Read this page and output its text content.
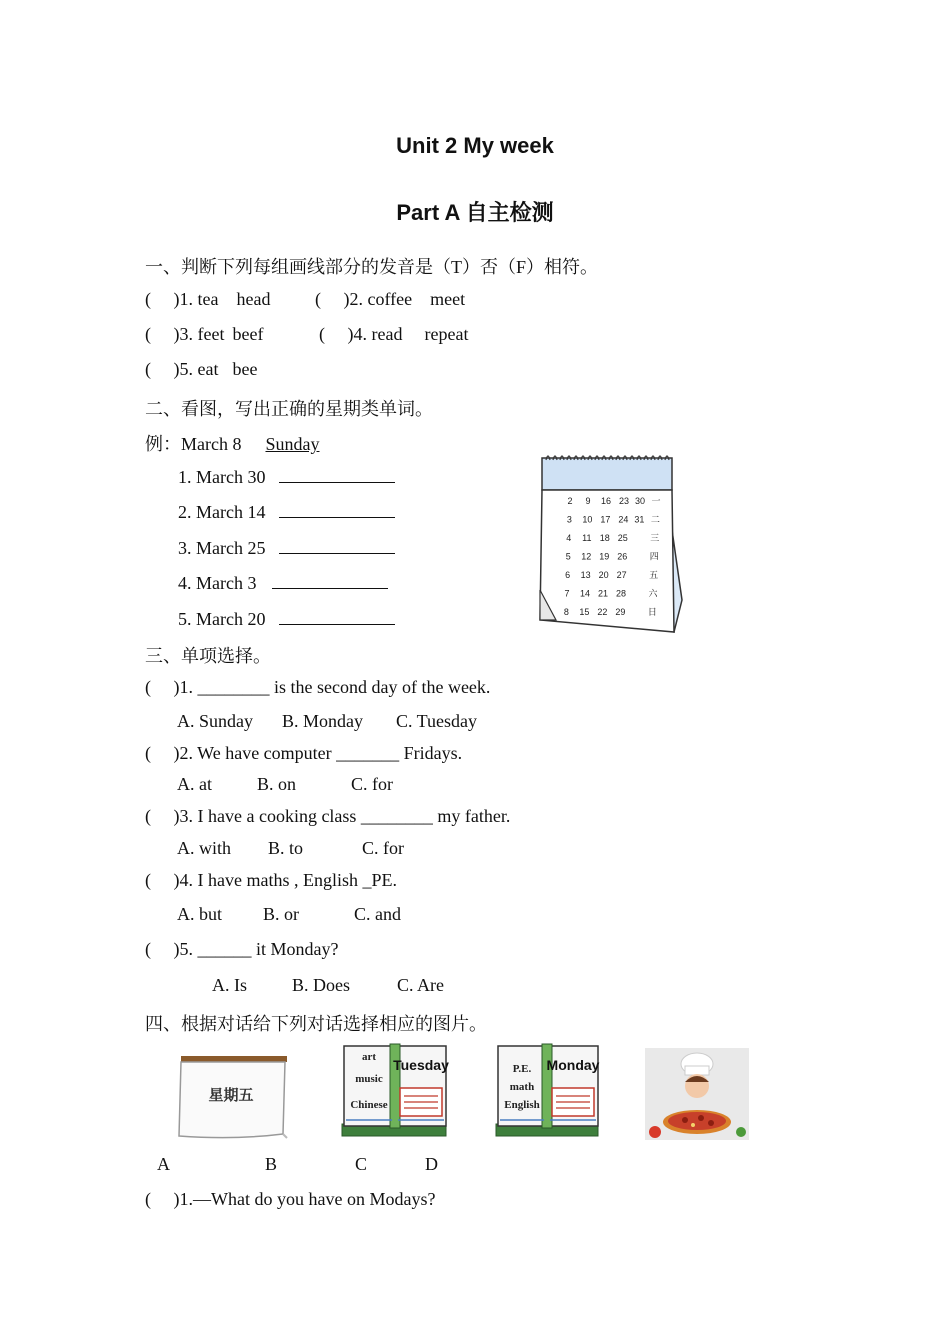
Unit 2 My week
Part A 自主检测
一、判断下列每组画线部分的发音是（T）否（F）相符。
(     )1. tea head (     )2. coffee meet
(     )3. feet beef	(     )4. read repeat
(     )5. eat bee
二、看图，写出正确的星期类单词。
例：March 8 Sunday
1. March 30
2. March 14
3. March 25
4. March 3
5. March 20
2 9 16 23 30 一
3 10 17 24 31 二
4 11 18 25 三
5 12 19 26 四
6 13 20 27 五
7 14 21 28 六
8 15 22 29 日
三、单项选择。
(     )1. ________ is the second day of the week.
A. Sunday B. Monday C. Tuesday
(     )2. We have computer _______ Fridays.
A. at	B. on	C. for
(     )3. I have a cooking class ________ my father.
A. with B. to	C. for
(     )4. I have maths , English _PE.
A. but B. or	C. and
(     )5. ______ it Monday?
A. Is	B. Does	C. Are
四、根据对话给下列对话选择相应的图片。
星期五
art
music
Chinese
Tuesday	P.E.
math
English
Monday
A	B	C	D
(     )1.—What do you have on Modays?
